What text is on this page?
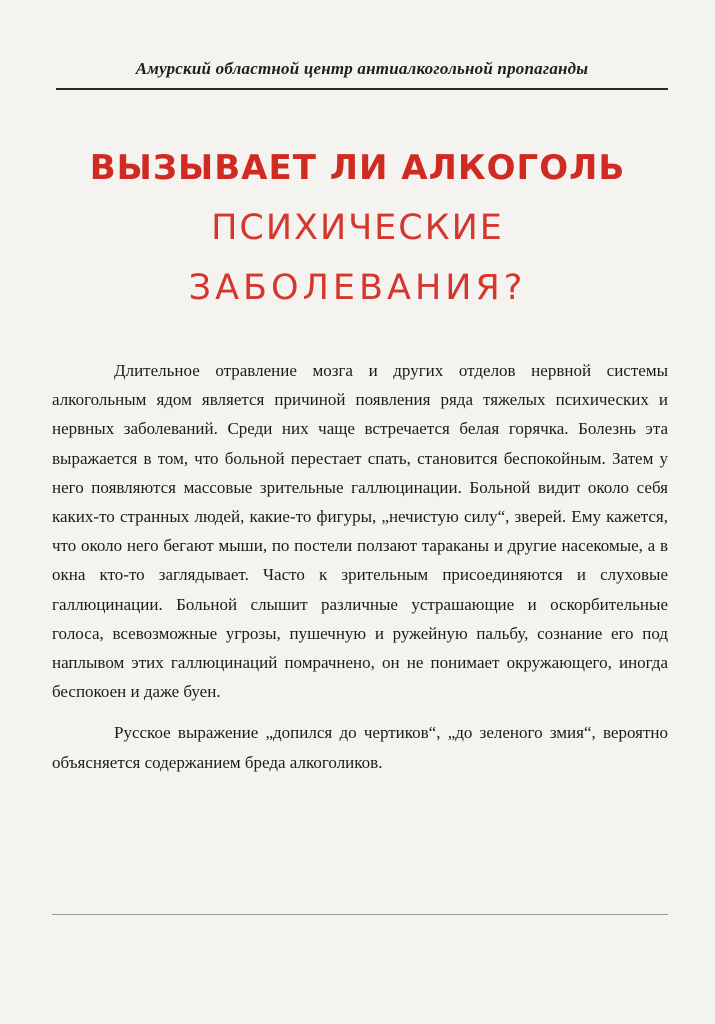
Амурский областной центр антиалкогольной пропаганды
ВЫЗЫВАЕТ ЛИ АЛКОГОЛЬ
ПСИХИЧЕСКИЕ
ЗАБОЛЕВАНИЯ?

Длительное отравление мозга и других отделов нервной системы алкогольным ядом является причиной появления ряда тяжелых психических и нервных заболеваний. Среди них чаще встречается белая горячка. Болезнь эта выражается в том, что больной перестает спать, становится беспокойным. Затем у него появляются массовые зрительные галлюцинации. Больной видит около себя каких-то странных людей, какие-то фигуры, „нечистую силу“, зверей. Ему кажется, что около него бегают мыши, по постели ползают тараканы и другие насекомые, а в окна кто-то заглядывает. Часто к зрительным присоединяются и слуховые галлюцинации. Больной слышит различные устрашающие и оскорбительные голоса, всевозможные угрозы, пушечную и ружейную пальбу, сознание его под наплывом этих галлюцинаций помрачнено, он не понимает окружающего, иногда беспокоен и даже буен.

Русское выражение „допился до чертиков“, „до зеленого змия“, вероятно объясняется содержанием бреда алкоголиков.
